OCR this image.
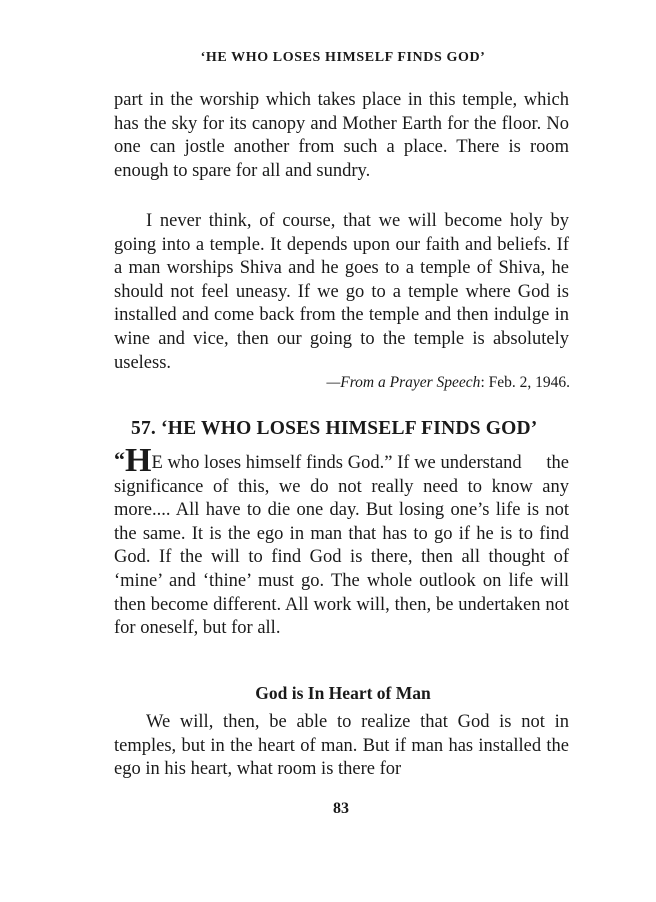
‘HE WHO LOSES HIMSELF FINDS GOD’

part in the worship which takes place in this temple, which has the sky for its canopy and Mother Earth for the floor. No one can jostle another from such a place. There is room enough to spare for all and sundry.

I never think, of course, that we will become holy by going into a temple. It depends upon our faith and beliefs. If a man worships Shiva and he goes to a temple of Shiva, he should not feel uneasy. If we go to a temple where God is installed and come back from the temple and then indulge in wine and vice, then our going to the temple is absolutely useless.

—From a Prayer Speech: Feb. 2, 1946.
57. ‘HE WHO LOSES HIMSELF FINDS GOD’

“HE who loses himself finds God.” If we understand the significance of this, we do not really need to know any more.... All have to die one day. But losing one’s life is not the same. It is the ego in man that has to go if he is to find God. If the will to find God is there, then all thought of ‘mine’ and ‘thine’ must go. The whole outlook on life will then become different. All work will, then, be undertaken not for oneself, but for all.

God is In Heart of Man

We will, then, be able to realize that God is not in temples, but in the heart of man. But if man has installed the ego in his heart, what room is there for

83
